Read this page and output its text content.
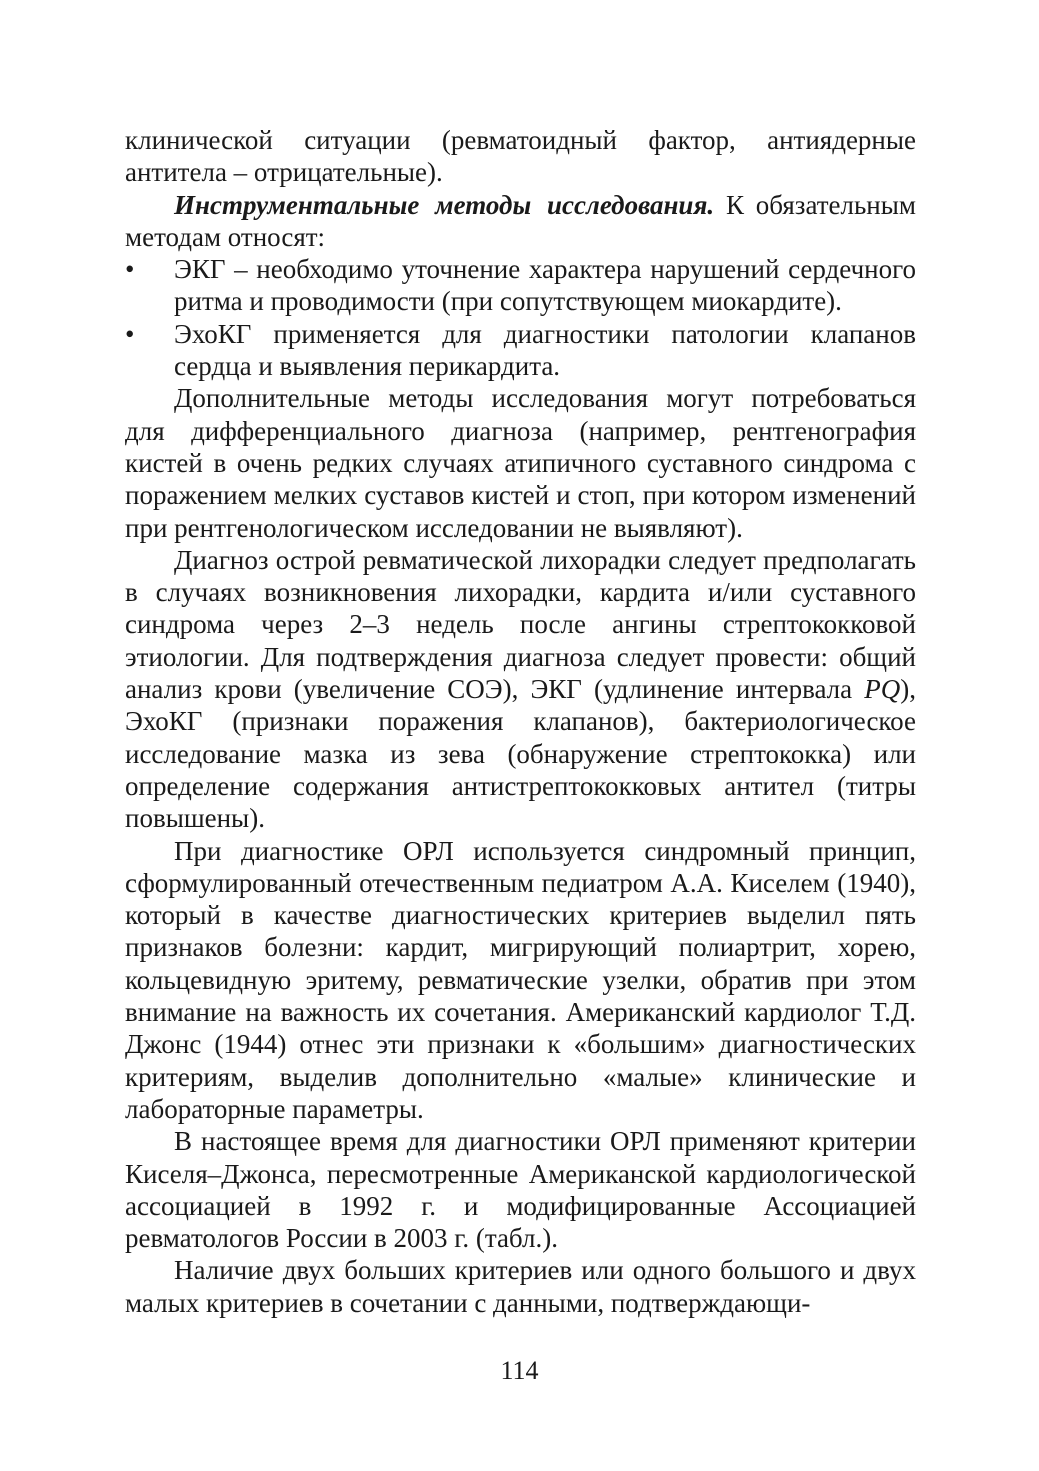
клинической ситуации (ревматоидный фактор, антиядерные антитела – отрицательные).

Инструментальные методы исследования. К обязательным методам относят:

•	ЭКГ – необходимо уточнение характера нарушений сердечного ритма и проводимости (при сопутствующем миокардите).
•	ЭхоКГ применяется для диагностики патологии клапанов сердца и выявления перикардита.

Дополнительные методы исследования могут потребоваться для дифференциального диагноза (например, рентгенография кистей в очень редких случаях атипичного суставного синдрома с поражением мелких суставов кистей и стоп, при котором изменений при рентгенологическом исследовании не выявляют).

Диагноз острой ревматической лихорадки следует предполагать в случаях возникновения лихорадки, кардита и/или суставного синдрома через 2–3 недель после ангины стрептококковой этиологии. Для подтверждения диагноза следует провести: общий анализ крови (увеличение СОЭ), ЭКГ (удлинение интервала PQ), ЭхоКГ (признаки поражения клапанов), бактериологическое исследование мазка из зева (обнаружение стрептококка) или определение содержания антистрептококковых антител (титры повышены).

При диагностике ОРЛ используется синдромный принцип, сформулированный отечественным педиатром А.А. Киселем (1940), который в качестве диагностических критериев выделил пять признаков болезни: кардит, мигрирующий полиартрит, хорею, кольцевидную эритему, ревматические узелки, обратив при этом внимание на важность их сочетания. Американский кардиолог Т.Д. Джонс (1944) отнес эти признаки к «большим» диагностических критериям, выделив дополнительно «малые» клинические и лабораторные параметры.

В настоящее время для диагностики ОРЛ применяют критерии Киселя–Джонса, пересмотренные Американской кардиологической ассоциацией в 1992 г. и модифицированные Ассоциацией ревматологов России в 2003 г. (табл.).

Наличие двух больших критериев или одного большого и двух малых критериев в сочетании с данными, подтверждающи-

114
